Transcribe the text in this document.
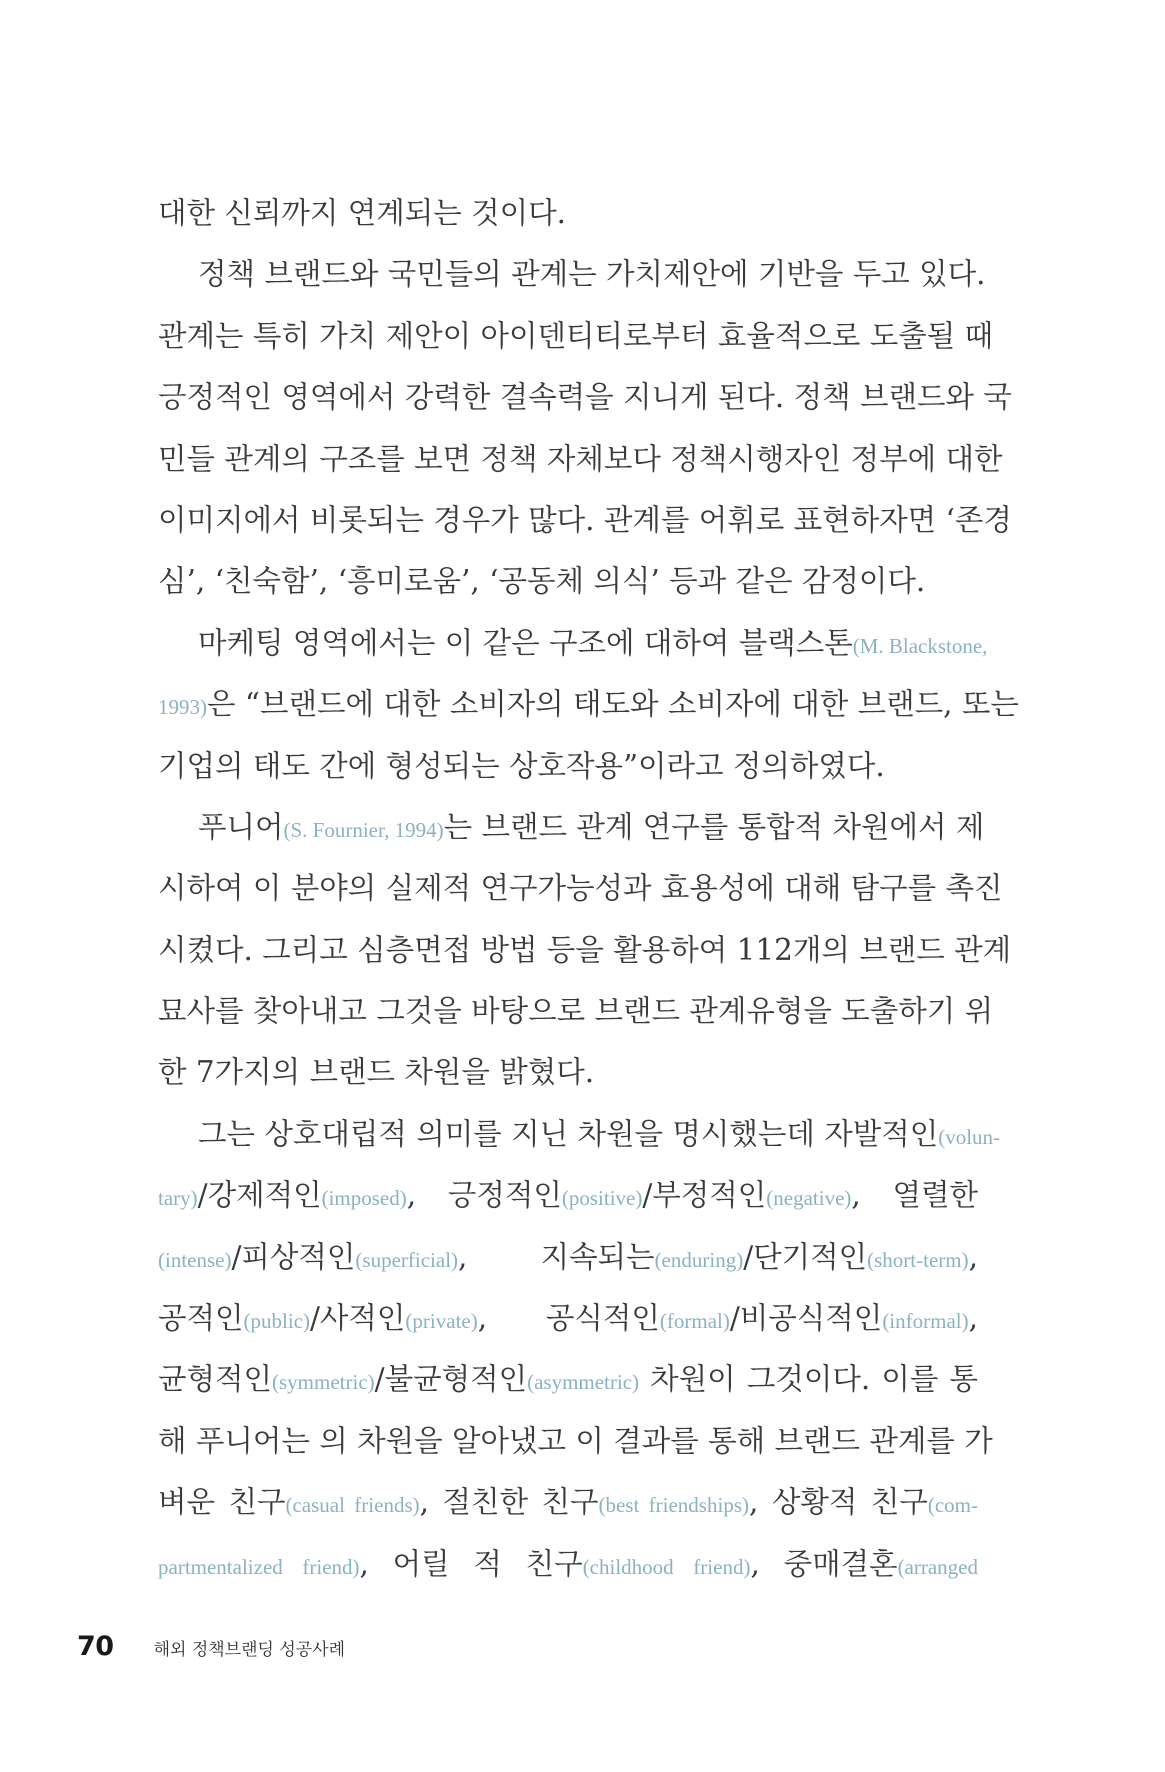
대한 신뢰까지 연계되는 것이다.
정책 브랜드와 국민들의 관계는 가치제안에 기반을 두고 있다.
관계는 특히 가치 제안이 아이덴티티로부터 효율적으로 도출될 때
긍정적인 영역에서 강력한 결속력을 지니게 된다. 정책 브랜드와 국
민들 관계의 구조를 보면 정책 자체보다 정책시행자인 정부에 대한
이미지에서 비롯되는 경우가 많다. 관계를 어휘로 표현하자면 ‘존경
심’, ‘친숙함’, ‘흥미로움’, ‘공동체 의식’ 등과 같은 감정이다.
마케팅 영역에서는 이 같은 구조에 대하여 블랙스톤(M. Blackstone,
1993)은 “브랜드에 대한 소비자의 태도와 소비자에 대한 브랜드, 또는
기업의 태도 간에 형성되는 상호작용”이라고 정의하였다.
푸니어(S. Fournier, 1994)는 브랜드 관계 연구를 통합적 차원에서 제
시하여 이 분야의 실제적 연구가능성과 효용성에 대해 탐구를 촉진
시켰다. 그리고 심층면접 방법 등을 활용하여 112개의 브랜드 관계
묘사를 찾아내고 그것을 바탕으로 브랜드 관계유형을 도출하기 위
한 7가지의 브랜드 차원을 밝혔다.
그는 상호대립적 의미를 지닌 차원을 명시했는데 자발적인(volun-
tary)/강제적인(imposed), 긍정적인(positive)/부정적인(negative), 열렬한
(intense)/피상적인(superficial), 지속되는(enduring)/단기적인(short-term),
공적인(public)/사적인(private), 공식적인(formal)/비공식적인(informal),
균형적인(symmetric)/불균형적인(asymmetric) 차원이 그것이다. 이를 통
해 푸니어는 의 차원을 알아냈고 이 결과를 통해 브랜드 관계를 가
벼운 친구(casual friends), 절친한 친구(best friendships), 상황적 친구(com-
partmentalized friend), 어릴 적 친구(childhood friend), 중매결혼(arranged
70 해외 정책브랜딩 성공사례
